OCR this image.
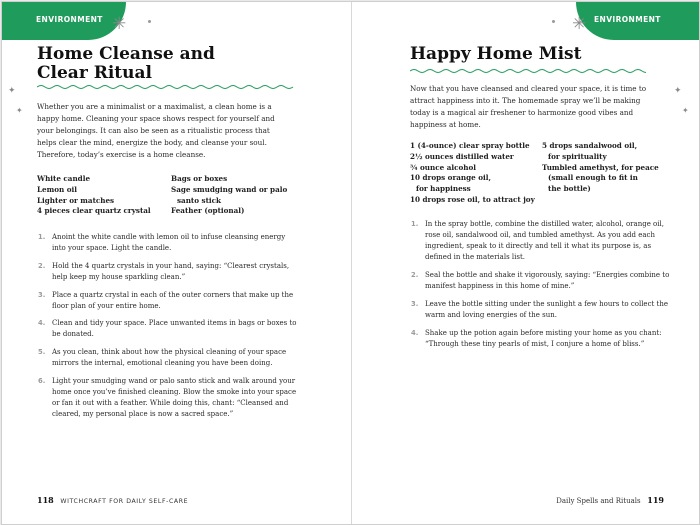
ENVIRONMENT ✳
✦
✦
Home Cleanse and
Clear Ritual
Whether you are a minimalist or a maximalist, a clean home is a
happy home. Cleaning your space shows respect for yourself and
your belongings. It can also be seen as a ritualistic process that
helps clear the mind, energize the body, and cleanse your soul.
Therefore, today’s exercise is a home cleanse.
White candle
Lemon oil
Lighter or matches
4 pieces clear quartz crystal
Bags or boxes
Sage smudging wand or palo
santo stick
Feather (optional)
1. Anoint the white candle with lemon oil to infuse cleansing energy
into your space. Light the candle.
2. Hold the 4 quartz crystals in your hand, saying: “Clearest crystals,
help keep my house sparkling clean.”
3. Place a quartz crystal in each of the outer corners that make up the
floor plan of your entire home.
4. Clean and tidy your space. Place unwanted items in bags or boxes to
be donated.
5. As you clean, think about how the physical cleaning of your space
mirrors the internal, emotional cleaning you have been doing.
6. Light your smudging wand or palo santo stick and walk around your
home once you’ve finished cleaning. Blow the smoke into your space
or fan it out with a feather. While doing this, chant: “Cleansed and
cleared, my personal place is now a sacred space.”
118 WITCHCRAFT FOR DAILY SELF-CARE
ENVIRONMENT
✳
✦
✦
Happy Home Mist
Now that you have cleansed and cleared your space, it is time to
attract happiness into it. The homemade spray we’ll be making
today is a magical air freshener to harmonize good vibes and
happiness at home.
1 (4-ounce) clear spray bottle
2½ ounces distilled water
¾ ounce alcohol
10 drops orange oil,
for happiness
10 drops rose oil, to attract joy
5 drops sandalwood oil,
for spirituality
Tumbled amethyst, for peace
(small enough to fit in
the bottle)
1. In the spray bottle, combine the distilled water, alcohol, orange oil,
rose oil, sandalwood oil, and tumbled amethyst. As you add each
ingredient, speak to it directly and tell it what its purpose is, as
defined in the materials list.
2. Seal the bottle and shake it vigorously, saying: “Energies combine to
manifest happiness in this home of mine.”
3. Leave the bottle sitting under the sunlight a few hours to collect the
warm and loving energies of the sun.
4. Shake up the potion again before misting your home as you chant:
“Through these tiny pearls of mist, I conjure a home of bliss.”
Daily Spells and Rituals 119
